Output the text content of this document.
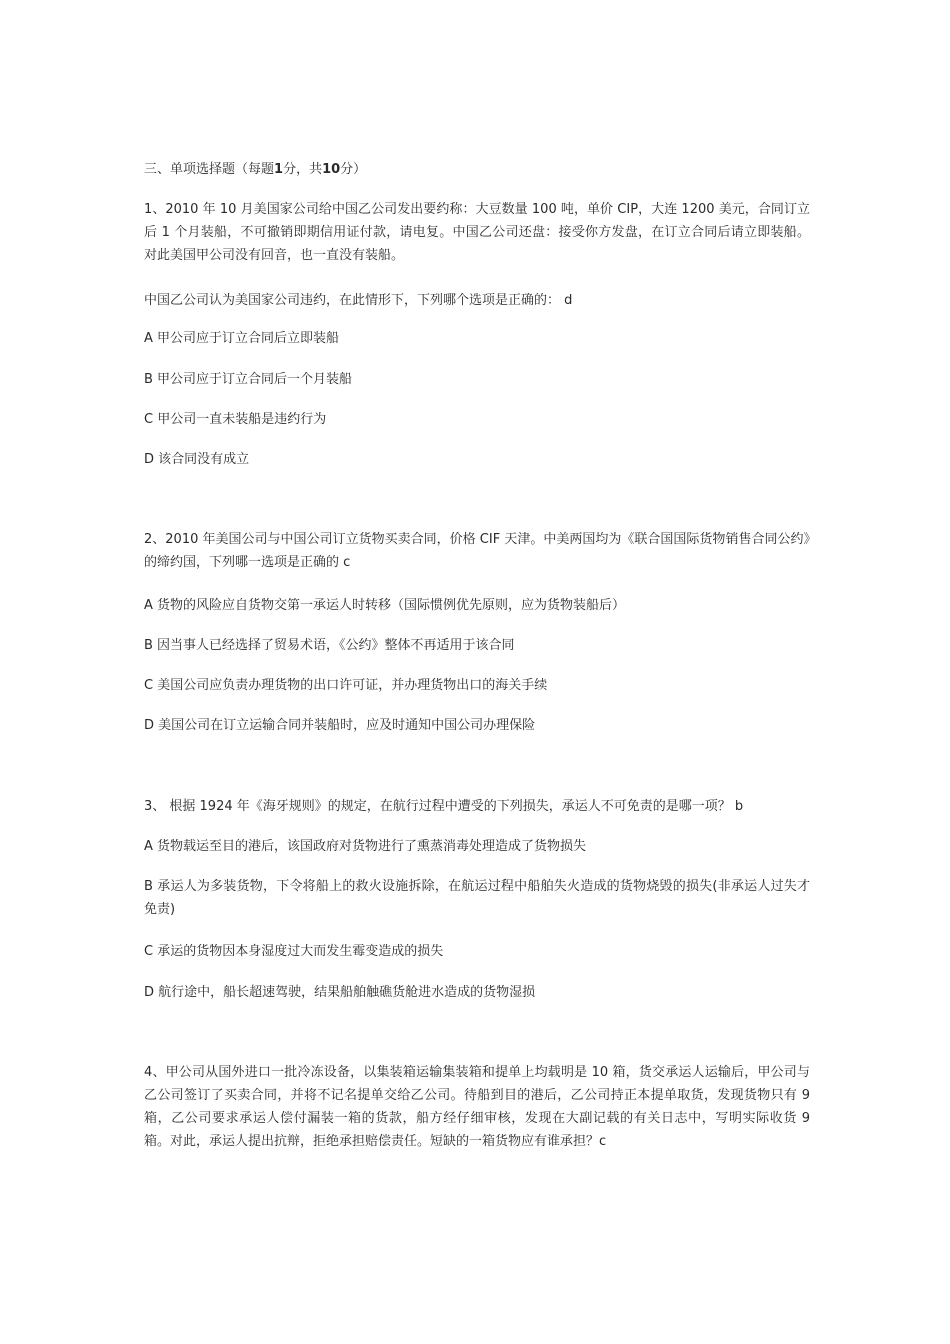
三、单项选择题（每题1分，共10分）

1、2010 年 10 月美国家公司给中国乙公司发出要约称：大豆数量 100 吨，单价 CIP，大连 1200 美元，合同订立后 1 个月装船，不可撤销即期信用证付款，请电复。中国乙公司还盘：接受你方发盘，在订立合同后请立即装船。对此美国甲公司没有回音，也一直没有装船。

中国乙公司认为美国家公司违约，在此情形下，下列哪个选项是正确的： d

A 甲公司应于订立合同后立即装船

B 甲公司应于订立合同后一个月装船

C 甲公司一直未装船是违约行为

D 该合同没有成立

2、2010 年美国公司与中国公司订立货物买卖合同，价格 CIF 天津。中美两国均为《联合国国际货物销售合同公约》的缔约国，下列哪一选项是正确的 c

A 货物的风险应自货物交第一承运人时转移（国际惯例优先原则，应为货物装船后）

B 因当事人已经选择了贸易术语，《公约》整体不再适用于该合同

C 美国公司应负责办理货物的出口许可证，并办理货物出口的海关手续

D 美国公司在订立运输合同并装船时，应及时通知中国公司办理保险

3、 根据 1924 年《海牙规则》的规定，在航行过程中遭受的下列损失，承运人不可免责的是哪一项？ b

A 货物载运至目的港后，该国政府对货物进行了熏蒸消毒处理造成了货物损失

B 承运人为多装货物，下令将船上的救火设施拆除，在航运过程中船舶失火造成的货物烧毁的损失(非承运人过失才免责)

C 承运的货物因本身湿度过大而发生霉变造成的损失

D 航行途中，船长超速驾驶，结果船舶触礁货舱进水造成的货物湿损

4、甲公司从国外进口一批冷冻设备，以集装箱运输集装箱和提单上均载明是 10 箱，货交承运人运输后，甲公司与乙公司签订了买卖合同，并将不记名提单交给乙公司。待船到目的港后，乙公司持正本提单取货，发现货物只有 9 箱，乙公司要求承运人偿付漏装一箱的货款，船方经仔细审核，发现在大副记载的有关日志中，写明实际收货 9 箱。对此，承运人提出抗辩，拒绝承担赔偿责任。短缺的一箱货物应有谁承担？c
